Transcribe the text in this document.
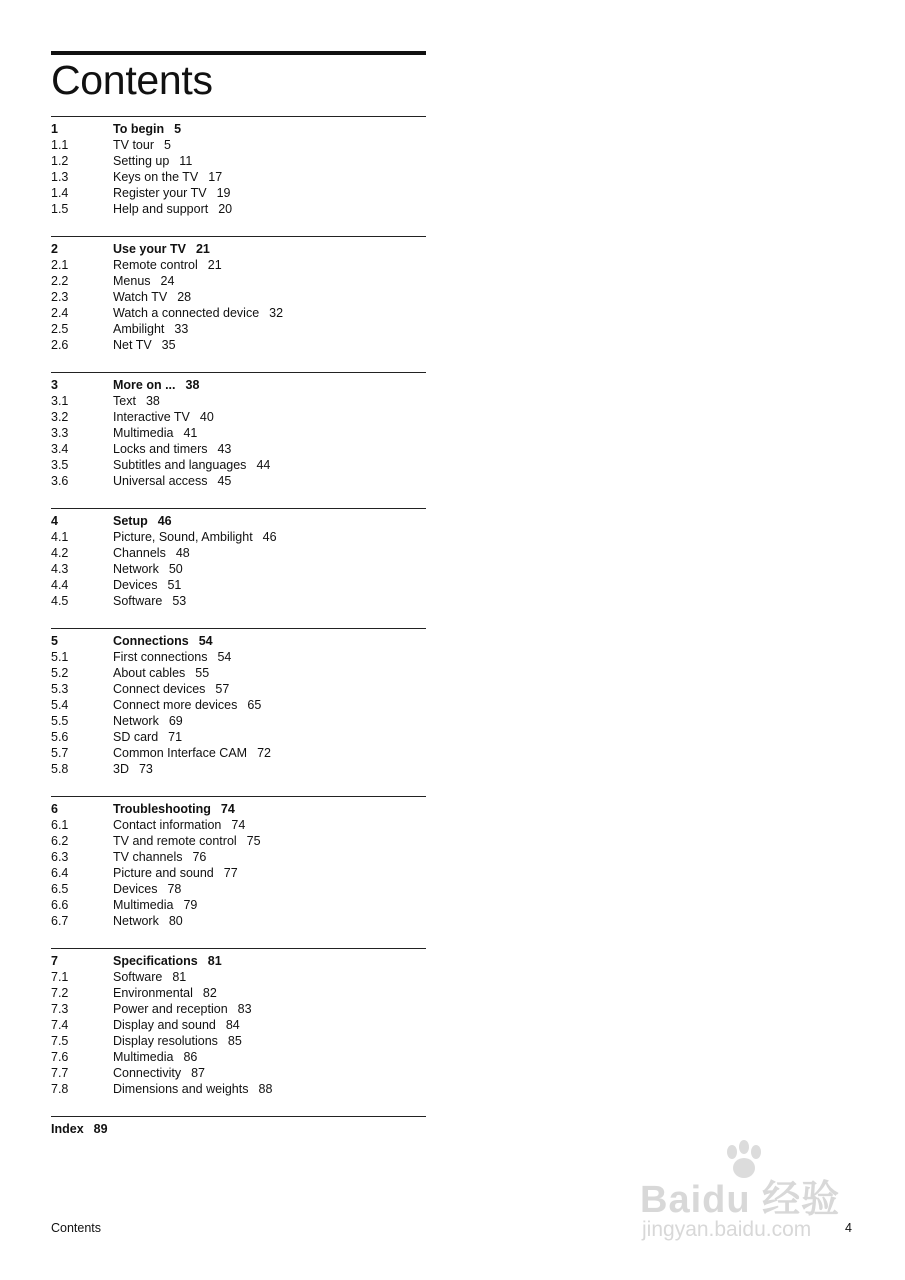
Contents
1	To begin 5
1.1	TV tour 5
1.2	Setting up 11
1.3	Keys on the TV 17
1.4	Register your TV 19
1.5	Help and support 20
2	Use your TV 21
2.1	Remote control 21
2.2	Menus 24
2.3	Watch TV 28
2.4	Watch a connected device 32
2.5	Ambilight 33
2.6	Net TV 35
3	More on ... 38
3.1	Text 38
3.2	Interactive TV 40
3.3	Multimedia 41
3.4	Locks and timers 43
3.5	Subtitles and languages 44
3.6	Universal access 45
4	Setup 46
4.1	Picture, Sound, Ambilight 46
4.2	Channels 48
4.3	Network 50
4.4	Devices 51
4.5	Software 53
5	Connections 54
5.1	First connections 54
5.2	About cables 55
5.3	Connect devices 57
5.4	Connect more devices 65
5.5	Network 69
5.6	SD card 71
5.7	Common Interface CAM 72
5.8	3D 73
6	Troubleshooting 74
6.1	Contact information 74
6.2	TV and remote control 75
6.3	TV channels 76
6.4	Picture and sound 77
6.5	Devices 78
6.6	Multimedia 79
6.7	Network 80
7	Specifications 81
7.1	Software 81
7.2	Environmental 82
7.3	Power and reception 83
7.4	Display and sound 84
7.5	Display resolutions 85
7.6	Multimedia 86
7.7	Connectivity 87
7.8	Dimensions and weights 88
Index 89
Contents	4
Baidu 经验
jingyan.baidu.com
